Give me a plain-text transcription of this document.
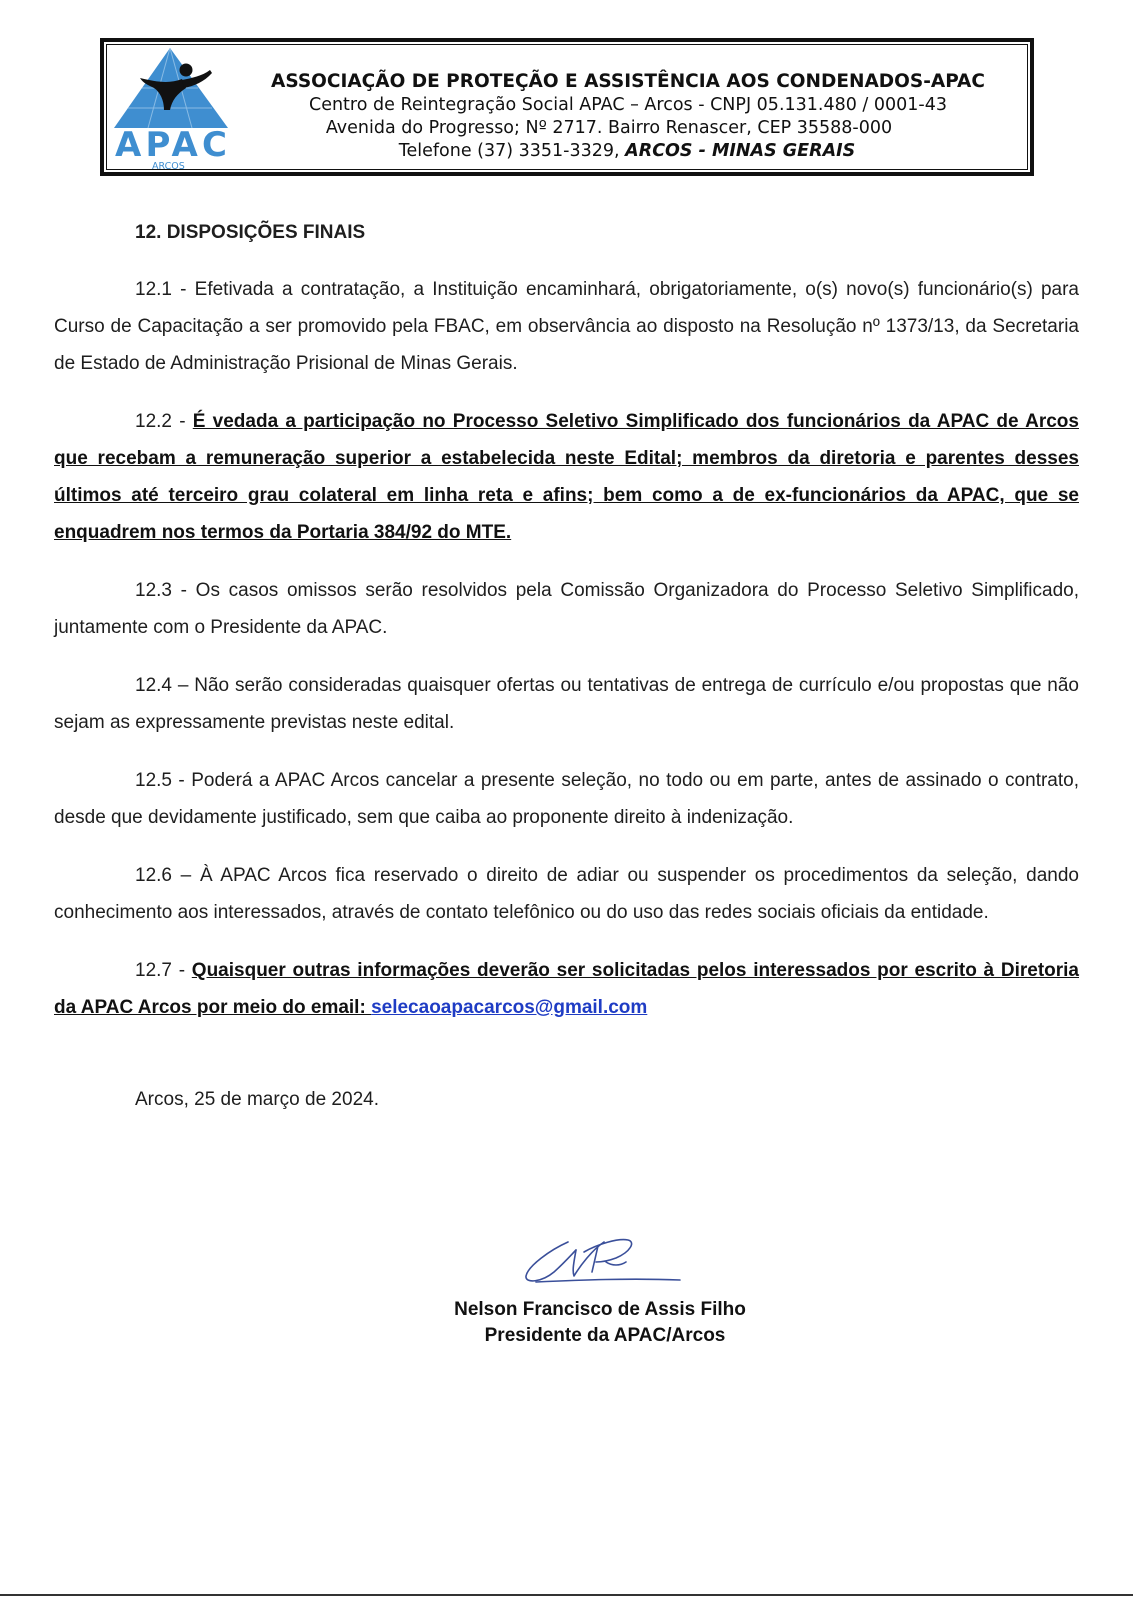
APAC
ARCOS
ASSOCIAÇÃO DE PROTEÇÃO E ASSISTÊNCIA AOS CONDENADOS-APAC
Centro de Reintegração Social APAC – Arcos - CNPJ 05.131.480 / 0001-43
Avenida do Progresso; Nº 2717. Bairro Renascer, CEP 35588-000
Telefone (37) 3351-3329, ARCOS - MINAS GERAIS
12. DISPOSIÇÕES FINAIS

12.1 - Efetivada a contratação, a Instituição encaminhará, obrigatoriamente, o(s) novo(s) funcionário(s) para Curso de Capacitação a ser promovido pela FBAC, em observância ao disposto na Resolução nº 1373/13, da Secretaria de Estado de Administração Prisional de Minas Gerais.

12.2 - É vedada a participação no Processo Seletivo Simplificado dos funcionários da APAC de Arcos que recebam a remuneração superior a estabelecida neste Edital; membros da diretoria e parentes desses últimos até terceiro grau colateral em linha reta e afins; bem como a de ex-funcionários da APAC, que se enquadrem nos termos da Portaria 384/92 do MTE.

12.3 - Os casos omissos serão resolvidos pela Comissão Organizadora do Processo Seletivo Simplificado, juntamente com o Presidente da APAC.

12.4 – Não serão consideradas quaisquer ofertas ou tentativas de entrega de currículo e/ou propostas que não sejam as expressamente previstas neste edital.

12.5 - Poderá a APAC Arcos cancelar a presente seleção, no todo ou em parte, antes de assinado o contrato, desde que devidamente justificado, sem que caiba ao proponente direito à indenização.

12.6 – À APAC Arcos fica reservado o direito de adiar ou suspender os procedimentos da seleção, dando conhecimento aos interessados, através de contato telefônico ou do uso das redes sociais oficiais da entidade.

12.7 - Quaisquer outras informações deverão ser solicitadas pelos interessados por escrito à Diretoria da APAC Arcos por meio do email: selecaoapacarcos@gmail.com

Arcos, 25 de março de 2024.
Nelson Francisco de Assis Filho
Presidente da APAC/Arcos
